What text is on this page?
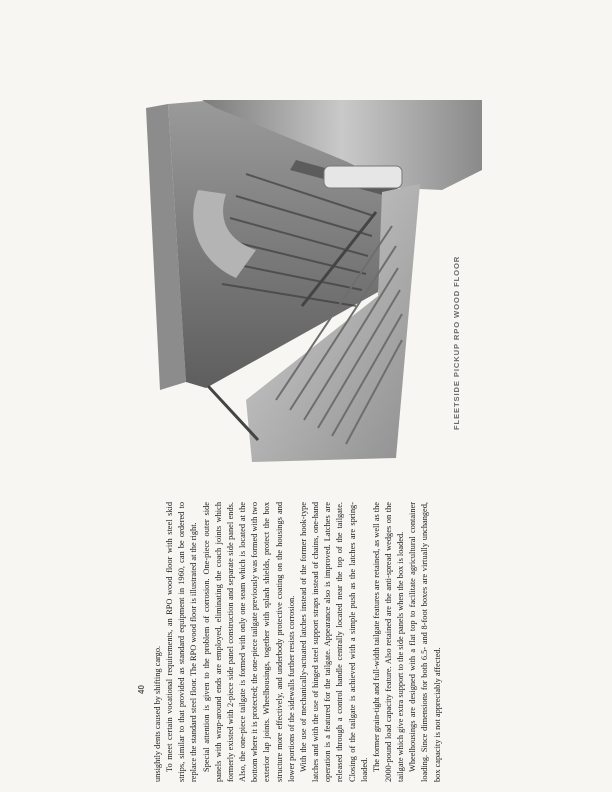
unsightly dents caused by shifting cargo. To meet certain vocational requirements, an RPO wood floor with steel skid strips, similar to that provided as standard equipment in 1960, can be ordered to replace the standard steel floor. The RPO wood floor is illustrated at the right. Special attention is given to the problem of corrosion. One-piece outer side panels with wrap-around ends are employed, eliminating the coach joints which formerly existed with 2-piece side panel construction and separate side panel ends. Also, the one-piece tailgate is formed with only one seam which is located at the bottom where it is protected; the one-piece tailgate previously was formed with two exterior lap joints. Wheelhousings, together with splash shields, protect the box structure more effectively, and underbody protective coating on the housings and lower portions of the sidewalls further resists corrosion. With the use of mechanically-actuated latches instead of the former hook-type latches and with the use of hinged steel support straps instead of chains, one-hand operation is a featured for the tailgate. Appearance also is improved. Latches are released through a control handle centrally located near the top of the tailgate. Closing of the tailgate is achieved with a simple push as the latches are spring-loaded. The former grain-tight and full-width tailgate features are retained, as well as the 2000-pound load capacity feature. Also retained are the anti-spread wedges on the tailgate which give extra support to the side panels when the box is loaded. Wheelhousings are designed with a flat top to facilitate agricultural container loading. Since dimensions for both 6.5- and 8-foot boxes are virtually unchanged, box capacity is not appreciably affected.

FLEETSIDE PICKUP RPO WOOD FLOOR
40
